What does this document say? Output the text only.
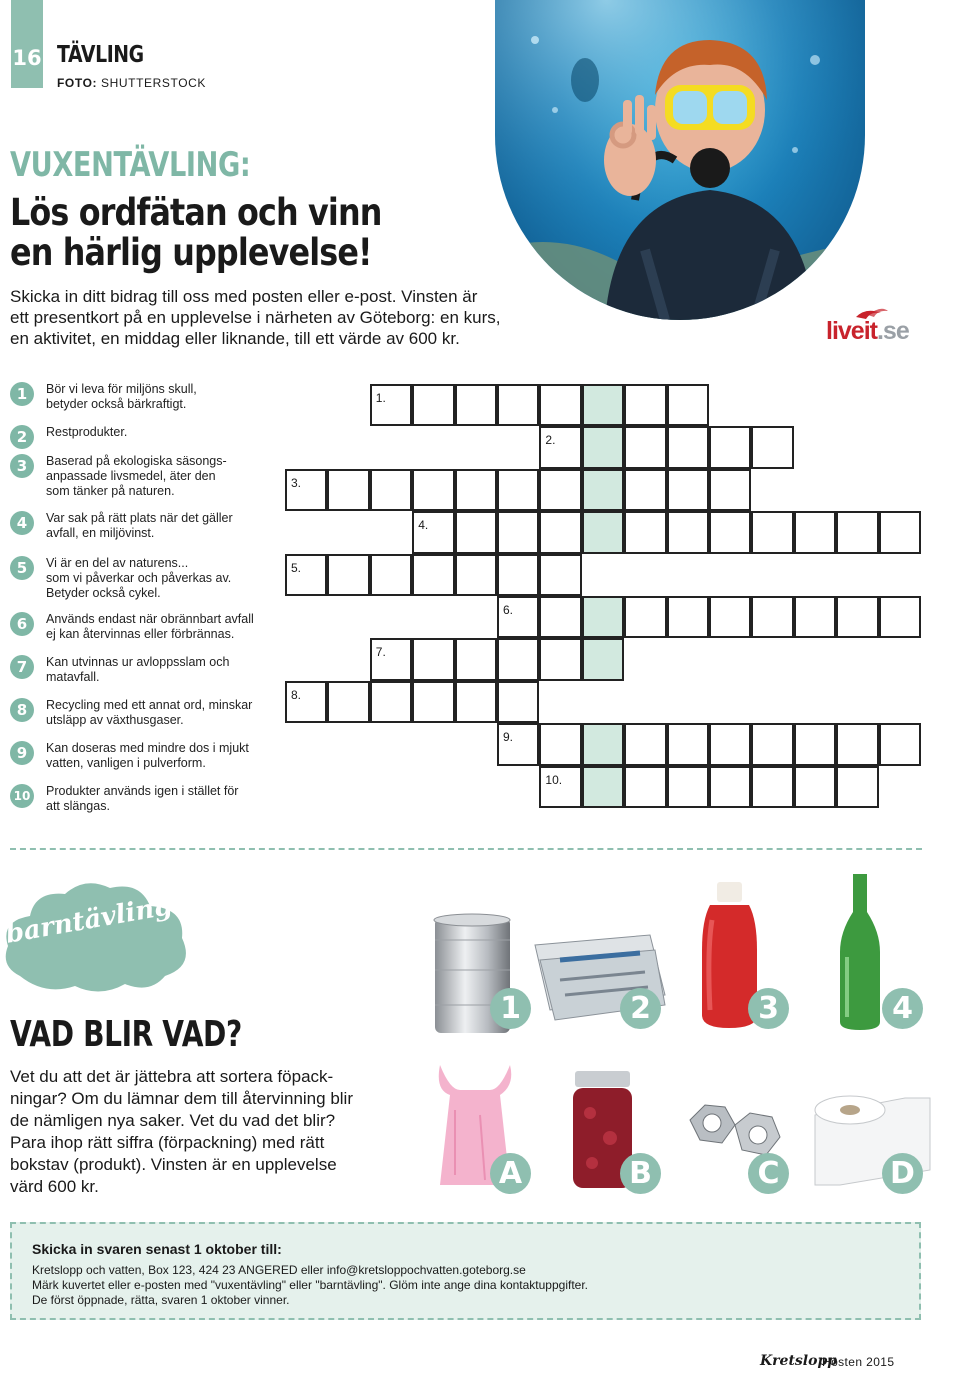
16 TÄVLING
FOTO: SHUTTERSTOCK
liveit.se
VUXENTÄVLING:
Lös ordfätan och vinn
en härlig upplevelse!
Skicka in ditt bidrag till oss med posten eller e-post. Vinsten är
ett presentkort på en upplevelse i närheten av Göteborg: en kurs,
en aktivitet, en middag eller liknande, till ett värde av 600 kr.
1	Bör vi leva för miljöns skull,
betyder också bärkraftigt.
2	Restprodukter.
3	Baserad på ekologiska säsongs-
anpassade livsmedel, äter den
som tänker på naturen.
4	Var sak på rätt plats när det gäller
avfall, en miljövinst.
5	Vi är en del av naturens...
som vi påverkar och påverkas av.
Betyder också cykel.
6	Används endast när obrännbart avfall
ej kan återvinnas eller förbrännas.
7	Kan utvinnas ur avloppsslam och
matavfall.
8	Recycling med ett annat ord, minskar
utsläpp av växthusgaser.
9	Kan doseras med mindre dos i mjukt
vatten, vanligen i pulverform.
10 Produkter används igen i stället för
att slängas.
1.
2.
3.
4.
5.
6.
7.
8.
9.
10.
barntävling!
VAD BLIR VAD?
Vet du att det är jättebra att sortera föpack-
ningar? Om du lämnar dem till återvinning blir
de nämligen nya saker. Vet du vad det blir?
Para ihop rätt siffra (förpackning) med rätt
bokstav (produkt). Vinsten är en upplevelse
värd 600 kr.
1	2	3	4
A	B	C	D
Skicka in svaren senast 1 oktober till:
Kretslopp och vatten, Box 123, 424 23 ANGERED eller info@kretsloppochvatten.goteborg.se
Märk kuvertet eller e-posten med "vuxentävling" eller "barntävling". Glöm inte ange dina kontaktuppgifter.
De först öppnade, rätta, svaren 1 oktober vinner.
Kretslopp
Hösten 2015
